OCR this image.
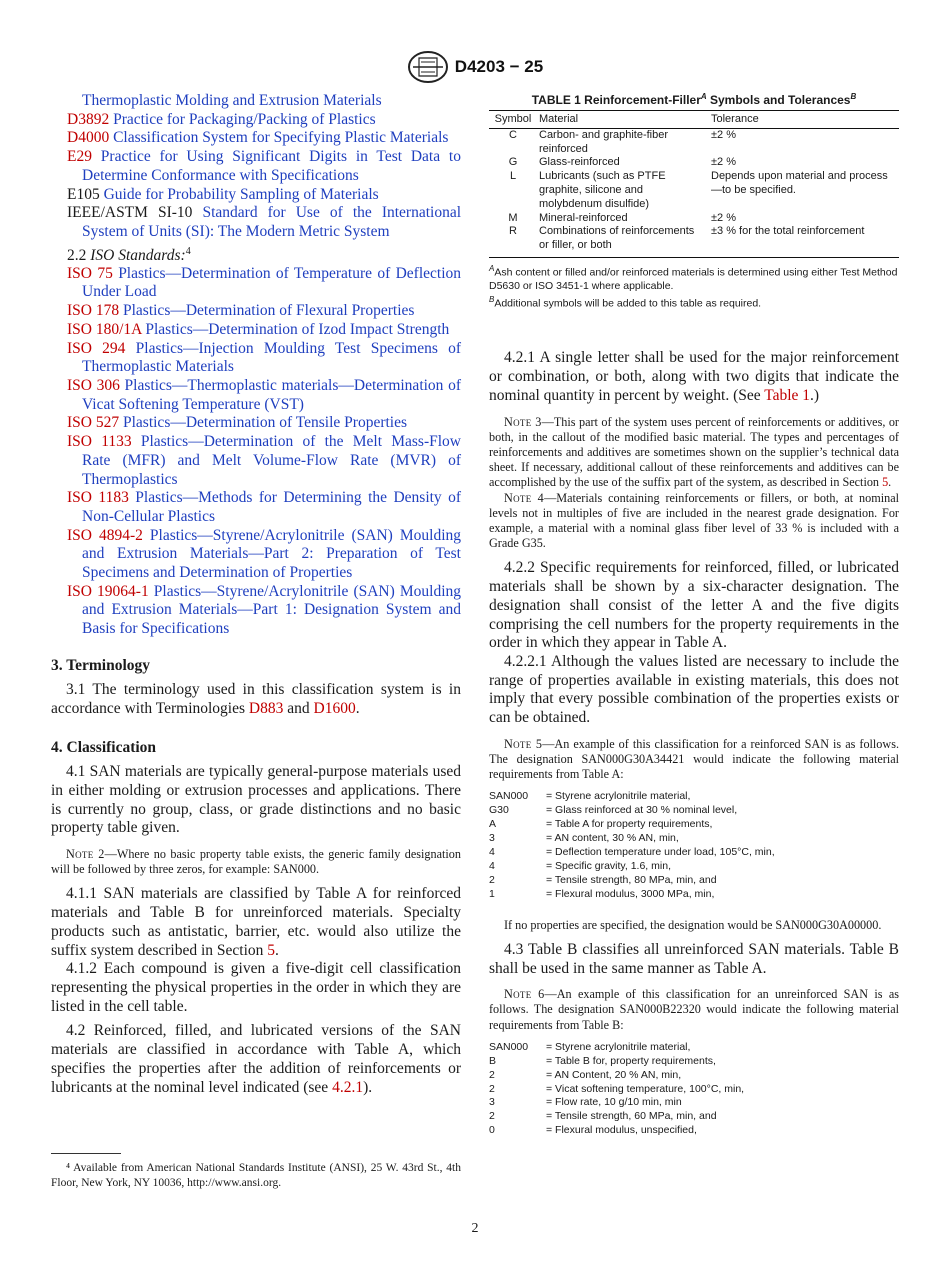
D4203 − 25
Thermoplastic Molding and Extrusion Materials
D3892 Practice for Packaging/Packing of Plastics
D4000 Classification System for Specifying Plastic Materials
E29 Practice for Using Significant Digits in Test Data to Determine Conformance with Specifications
E105 Guide for Probability Sampling of Materials
IEEE/ASTM SI-10 Standard for Use of the International System of Units (SI): The Modern Metric System
2.2 ISO Standards:$^4$
ISO 75 Plastics—Determination of Temperature of Deflection Under Load
ISO 178 Plastics—Determination of Flexural Properties
ISO 180/1A Plastics—Determination of Izod Impact Strength
ISO 294 Plastics—Injection Moulding Test Specimens of Thermoplastic Materials
ISO 306 Plastics—Thermoplastic materials—Determination of Vicat Softening Temperature (VST)
ISO 527 Plastics—Determination of Tensile Properties
ISO 1133 Plastics—Determination of the Melt Mass-Flow Rate (MFR) and Melt Volume-Flow Rate (MVR) of Thermoplastics
ISO 1183 Plastics—Methods for Determining the Density of Non-Cellular Plastics
ISO 4894-2 Plastics—Styrene/Acrylonitrile (SAN) Moulding and Extrusion Materials—Part 2: Preparation of Test Specimens and Determination of Properties
ISO 19064-1 Plastics—Styrene/Acrylonitrile (SAN) Moulding and Extrusion Materials—Part 1: Designation System and Basis for Specifications
3. Terminology

3.1 The terminology used in this classification system is in accordance with Terminologies D883 and D1600.

4. Classification

4.1 SAN materials are typically general-purpose materials used in either molding or extrusion processes and applications. There is currently no group, class, or grade distinctions and no basic property table given.

Note 2—Where no basic property table exists, the generic family designation will be followed by three zeros, for example: SAN000.

4.1.1 SAN materials are classified by Table A for reinforced materials and Table B for unreinforced materials. Specialty products such as antistatic, barrier, etc. would also utilize the suffix system described in Section 5.

4.1.2 Each compound is given a five-digit cell classification representing the physical properties in the order in which they are listed in the cell table.

4.2 Reinforced, filled, and lubricated versions of the SAN materials are classified in accordance with Table A, which specifies the properties after the addition of reinforcements or lubricants at the nominal level indicated (see 4.2.1).

⁴ Available from American National Standards Institute (ANSI), 25 W. 43rd St., 4th Floor, New York, NY 10036, http://www.ansi.org.
TABLE 1 Reinforcement-Filler$^A$ Symbols and Tolerances$^B$
Symbol	Material	Tolerance
C	Carbon- and graphite-fiber reinforced	±2 %
G	Glass-reinforced	±2 %
L	Lubricants (such as PTFE graphite, silicone and molybdenum disulfide)	Depends upon material and process—to be specified.
M	Mineral-reinforced	±2 %
R	Combinations of reinforcements or filler, or both	±3 % for the total reinforcement
$^A$Ash content or filled and/or reinforced materials is determined using either Test Method D5630 or ISO 3451-1 where applicable.
$^B$Additional symbols will be added to this table as required.

4.2.1 A single letter shall be used for the major reinforcement or combination, or both, along with two digits that indicate the nominal quantity in percent by weight. (See Table 1.)

Note 3—This part of the system uses percent of reinforcements or additives, or both, in the callout of the modified basic material. The types and percentages of reinforcements and additives are sometimes shown on the supplier’s technical data sheet. If necessary, additional callout of these reinforcements and additives can be accomplished by the use of the suffix part of the system, as described in Section 5.

Note 4—Materials containing reinforcements or fillers, or both, at nominal levels not in multiples of five are included in the nearest grade designation. For example, a material with a nominal glass fiber level of 33 % is included with a Grade G35.

4.2.2 Specific requirements for reinforced, filled, or lubricated materials shall be shown by a six-character designation. The designation shall consist of the letter A and the five digits comprising the cell numbers for the property requirements in the order in which they appear in Table A.

4.2.2.1 Although the values listed are necessary to include the range of properties available in existing materials, this does not imply that every possible combination of the properties exists or can be obtained.

Note 5—An example of this classification for a reinforced SAN is as follows. The designation SAN000G30A34421 would indicate the following material requirements from Table A:

SAN000	= Styrene acrylonitrile material,
G30	= Glass reinforced at 30 % nominal level,
A	= Table A for property requirements,
3	= AN content, 30 % AN, min,
4	= Deflection temperature under load, 105°C, min,
4	= Specific gravity, 1.6, min,
2	= Tensile strength, 80 MPa, min, and
1	= Flexural modulus, 3000 MPa, min,

If no properties are specified, the designation would be SAN000G30A00000.

4.3 Table B classifies all unreinforced SAN materials. Table B shall be used in the same manner as Table A.

Note 6—An example of this classification for an unreinforced SAN is as follows. The designation SAN000B22320 would indicate the following material requirements from Table B:

SAN000	= Styrene acrylonitrile material,
B	= Table B for, property requirements,
2	= AN Content, 20 % AN, min,
2	= Vicat softening temperature, 100°C, min,
3	= Flow rate, 10 g/10 min, min
2	= Tensile strength, 60 MPa, min, and
0	= Flexural modulus, unspecified,
2
